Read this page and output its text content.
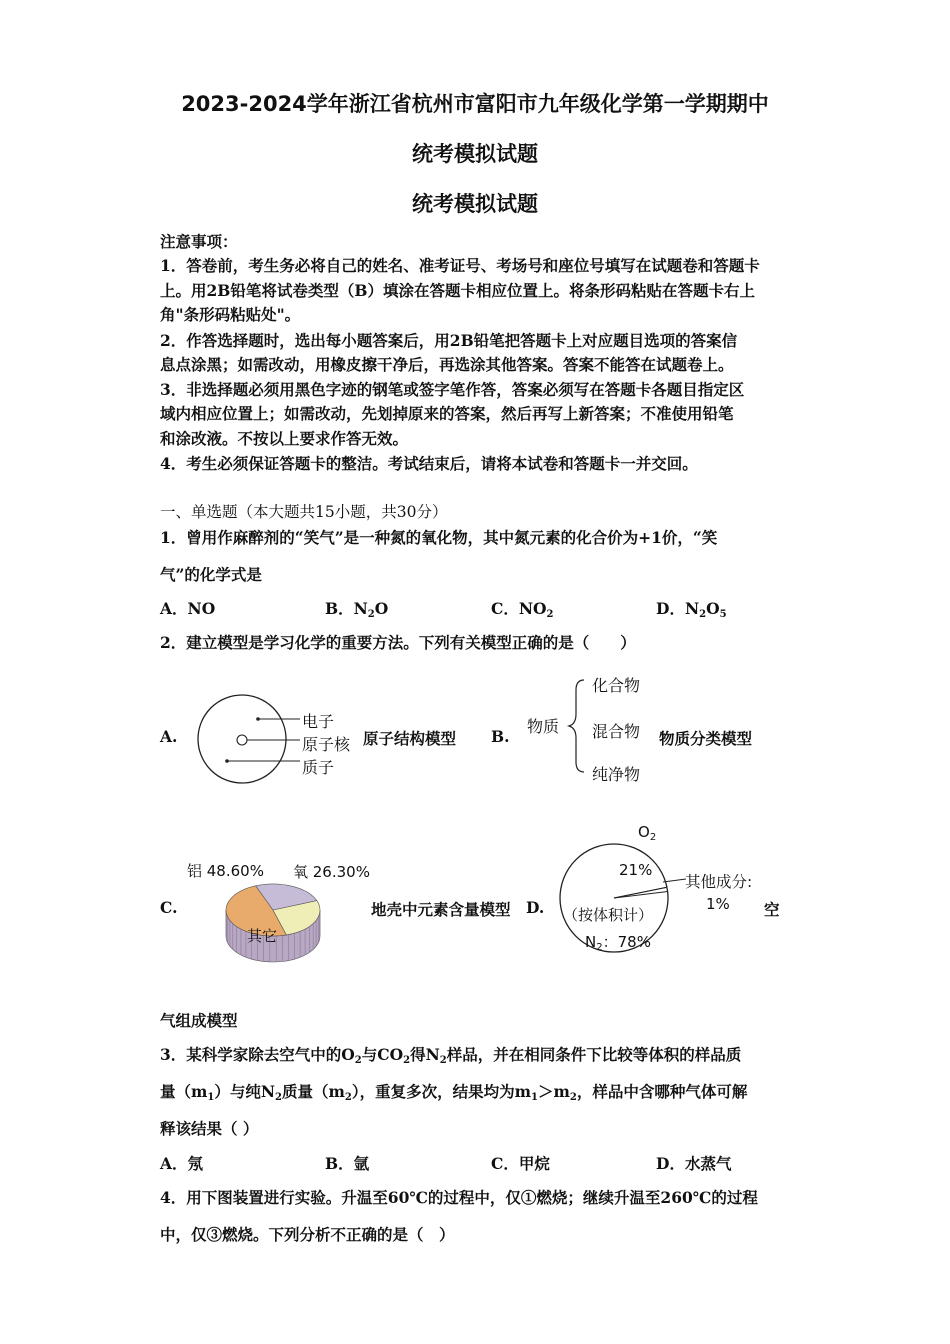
2023-2024学年浙江省杭州市富阳市九年级化学第一学期期中
统考模拟试题
统考模拟试题
注意事项：
1．答卷前，考生务必将自己的姓名、准考证号、考场号和座位号填写在试题卷和答题卡
上。用2B铅笔将试卷类型（B）填涂在答题卡相应位置上。将条形码粘贴在答题卡右上
角"条形码粘贴处"。
2．作答选择题时，选出每小题答案后，用2B铅笔把答题卡上对应题目选项的答案信
息点涂黑；如需改动，用橡皮擦干净后，再选涂其他答案。答案不能答在试题卷上。
3．非选择题必须用黑色字迹的钢笔或签字笔作答，答案必须写在答题卡各题目指定区
域内相应位置上；如需改动，先划掉原来的答案，然后再写上新答案；不准使用铅笔
和涂改液。不按以上要求作答无效。
4．考生必须保证答题卡的整洁。考试结束后，请将本试卷和答题卡一并交回。
一、单选题（本大题共15小题，共30分）
1．曾用作麻醉剂的“笑气”是一种氮的氧化物，其中氮元素的化合价为+1价，“笑
气”的化学式是
A．NO	B．$N_2O$	C．$NO_2$	D．$N_2O_5$
2．建立模型是学习化学的重要方法。下列有关模型正确的是（　　）
A.
电子
原子核
质子
原子结构模型 B.
物质
化合物
混合物
纯净物
物质分类模型
C.
铝 48.60% 氧 26.30%
其它
地壳中元素含量模型 D.
$O_2$
21%
其他成分:
1%
（按体积计）
$N_2$：78%
空
气组成模型
3．某科学家除去空气中的$O_2$与$CO_2$得$N_2$样品，并在相同条件下比较等体积的样品质
量$(m_1)$与纯$N_2$质量$(m_2)$，重复多次，结果均为$m_1>m_2$，样品中含哪种气体可解
释该结果（ ）
A．氖	B．氩	C．甲烷	D．水蒸气
4．用下图装置进行实验。升温至60℃的过程中，仅①燃烧；继续升温至260℃的过程
中，仅③燃烧。下列分析不正确的是（　）
